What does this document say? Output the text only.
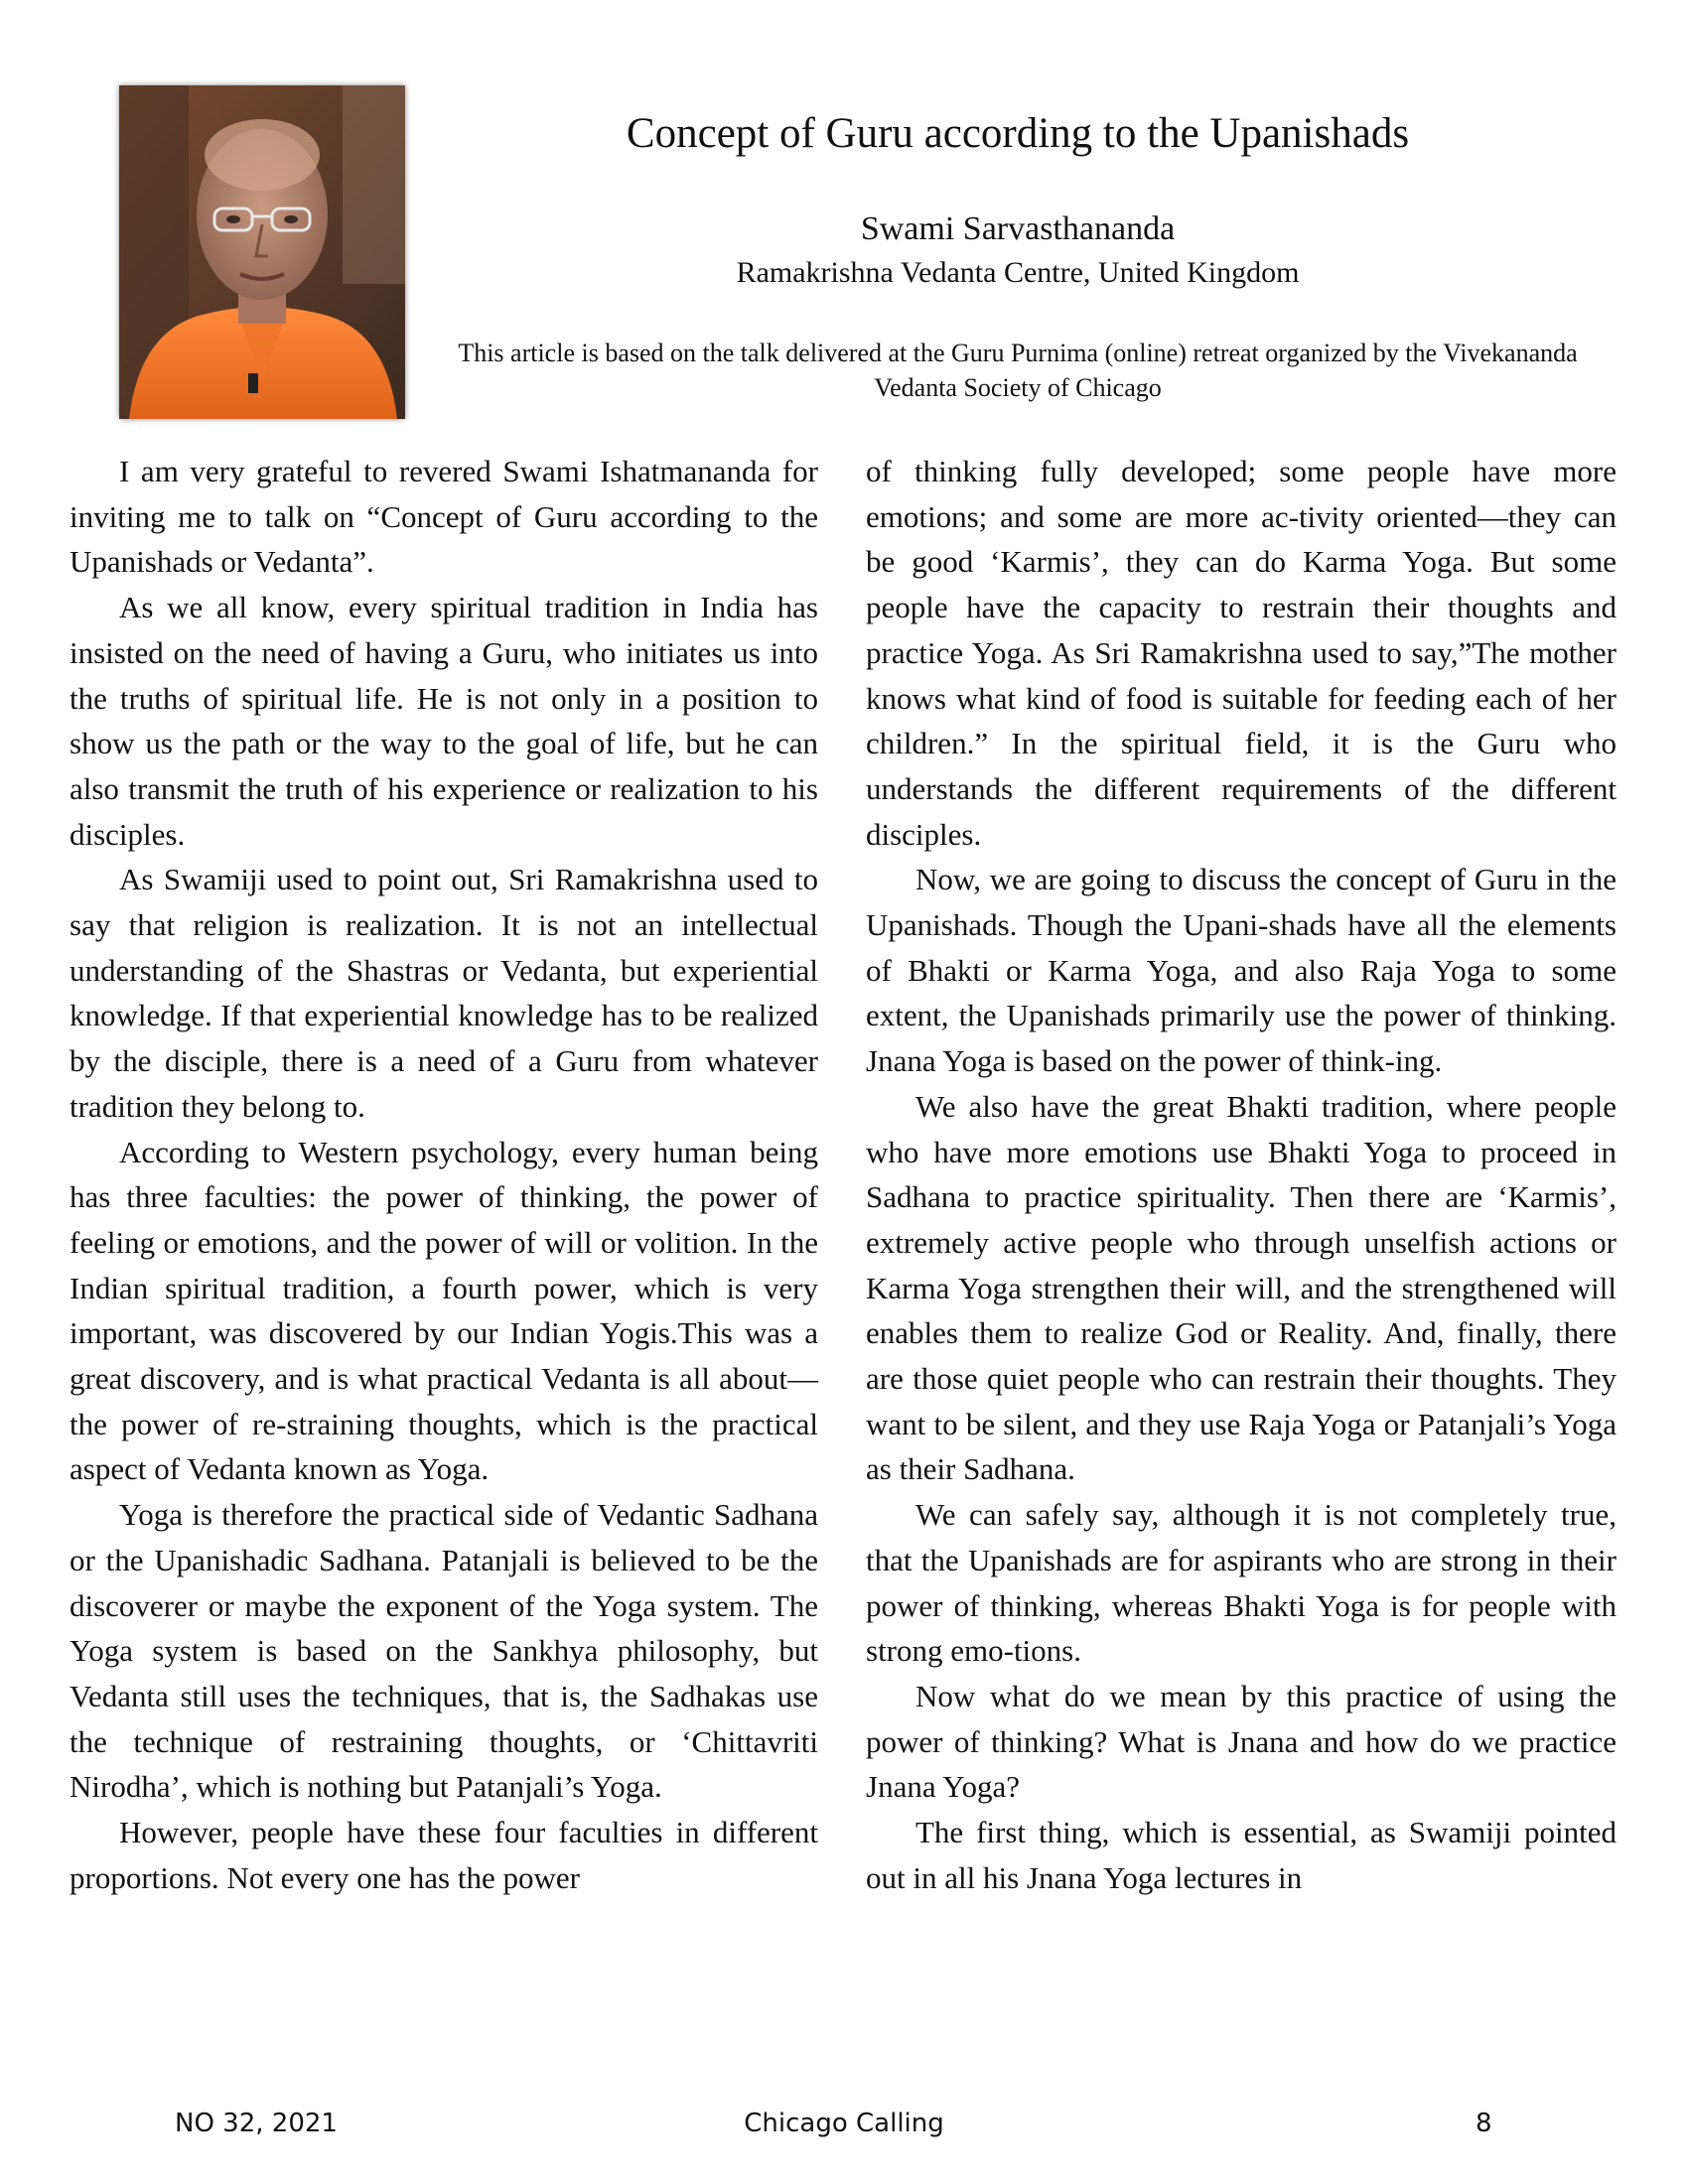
Concept of Guru according to the Upanishads
Swami Sarvasthananda
Ramakrishna Vedanta Centre, United Kingdom
This article is based on the talk delivered at the Guru Purnima (online) retreat organized by the Vivekananda Vedanta Society of Chicago

I am very grateful to revered Swami Ishatmananda for inviting me to talk on “Concept of Guru according to the Upanishads or Vedanta”.

As we all know, every spiritual tradition in India has insisted on the need of having a Guru, who initiates us into the truths of spiritual life. He is not only in a position to show us the path or the way to the goal of life, but he can also transmit the truth of his experience or realization to his disciples.

As Swamiji used to point out, Sri Ramakrishna used to say that religion is realization. It is not an intellectual understanding of the Shastras or Vedanta, but experiential knowledge. If that experiential knowledge has to be realized by the disciple, there is a need of a Guru from whatever tradition they belong to.

According to Western psychology, every human being has three faculties: the power of thinking, the power of feeling or emotions, and the power of will or volition. In the Indian spiritual tradition, a fourth power, which is very important, was discovered by our Indian Yogis.This was a great discovery, and is what practical Vedanta is all about—the power of re-straining thoughts, which is the practical aspect of Vedanta known as Yoga.

Yoga is therefore the practical side of Vedantic Sadhana or the Upanishadic Sadhana. Patanjali is believed to be the discoverer or maybe the exponent of the Yoga system. The Yoga system is based on the Sankhya philosophy, but Vedanta still uses the techniques, that is, the Sadhakas use the technique of restraining thoughts, or ‘Chittavriti Nirodha’, which is nothing but Patanjali’s Yoga.

However, people have these four faculties in different proportions. Not every one has the power

of thinking fully developed; some people have more emotions; and some are more ac-tivity oriented—they can be good ‘Karmis’, they can do Karma Yoga. But some people have the capacity to restrain their thoughts and practice Yoga. As Sri Ramakrishna used to say,”The mother knows what kind of food is suitable for feeding each of her children.” In the spiritual field, it is the Guru who understands the different requirements of the different disciples.

Now, we are going to discuss the concept of Guru in the Upanishads. Though the Upani-shads have all the elements of Bhakti or Karma Yoga, and also Raja Yoga to some extent, the Upanishads primarily use the power of thinking. Jnana Yoga is based on the power of think-ing.

We also have the great Bhakti tradition, where people who have more emotions use Bhakti Yoga to proceed in Sadhana to practice spirituality. Then there are ‘Karmis’, extremely active people who through unselfish actions or Karma Yoga strengthen their will, and the strengthened will enables them to realize God or Reality. And, finally, there are those quiet people who can restrain their thoughts. They want to be silent, and they use Raja Yoga or Patanjali’s Yoga as their Sadhana.

We can safely say, although it is not completely true, that the Upanishads are for aspirants who are strong in their power of thinking, whereas Bhakti Yoga is for people with strong emo-tions.

Now what do we mean by this practice of using the power of thinking? What is Jnana and how do we practice Jnana Yoga?

The first thing, which is essential, as Swamiji pointed out in all his Jnana Yoga lectures in

NO 32, 2021	Chicago Calling	8
